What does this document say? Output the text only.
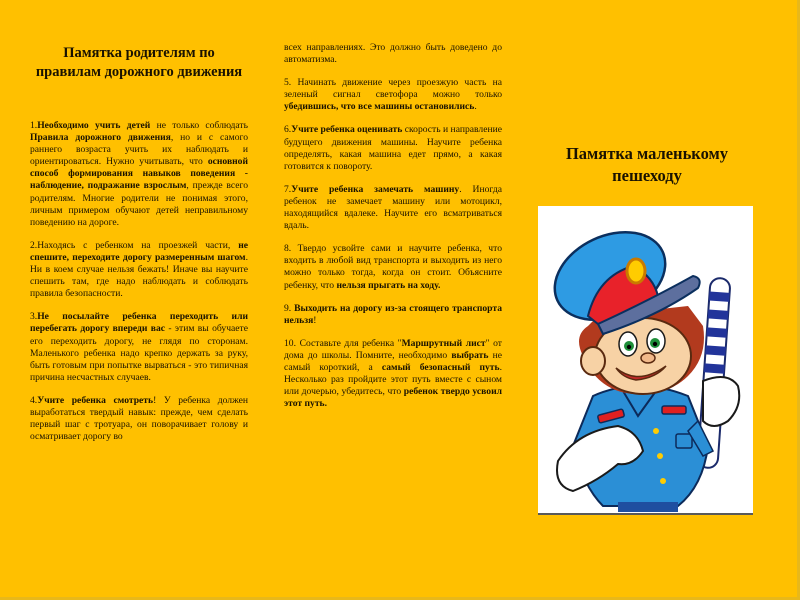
Памятка родителям по правилам дорожного движения

1.Необходимо учить детей не только соблюдать Правила дорожного движения, но и с самого раннего возраста учить их наблюдать и ориентироваться. Нужно учитывать, что основной способ формирования навыков поведения - наблюдение, подражание взрослым, прежде всего родителям. Многие родители не понимая этого, личным примером обучают детей неправильному поведению на дороге.

2.Находясь с ребенком на проезжей части, не спешите, переходите дорогу размеренным шагом. Ни в коем случае нельзя бежать! Иначе вы научите спешить там, где надо наблюдать и соблюдать правила безопасности.

3.Не посылайте ребенка переходить или перебегать дорогу впереди вас - этим вы обучаете его переходить дорогу, не глядя по сторонам. Маленького ребенка надо крепко держать за руку, быть готовым при попытке вырваться - это типичная причина несчастных случаев.

4.Учите ребенка смотреть! У ребенка должен выработаться твердый навык: прежде, чем сделать первый шаг с тротуара, он поворачивает голову и осматривает дорогу во

всех направлениях. Это должно быть доведено до автоматизма.

5. Начинать движение через проезжую часть на зеленый сигнал светофора можно только убедившись, что все машины остановились.

6.Учите ребенка оценивать скорость и направление будущего движения машины. Научите ребенка определять, какая машина едет прямо, а какая готовится к повороту.

7.Учите ребенка замечать машину. Иногда ребенок не замечает машину или мотоцикл, находящийся вдалеке. Научите его всматриваться вдаль.

8. Твердо усвойте сами и научите ребенка, что входить в любой вид транспорта и выходить из него можно только тогда, когда он стоит. Объясните ребенку, что нельзя прыгать на ходу.

9. Выходить на дорогу из-за стоящего транспорта нельзя!

10. Составьте для ребенка "Маршрутный лист" от дома до школы. Помните, необходимо выбрать не самый короткий, а самый безопасный путь. Несколько раз пройдите этот путь вместе с сыном или дочерью, убедитесь, что ребенок твердо усвоил этот путь.

Памятка маленькому пешеходу
